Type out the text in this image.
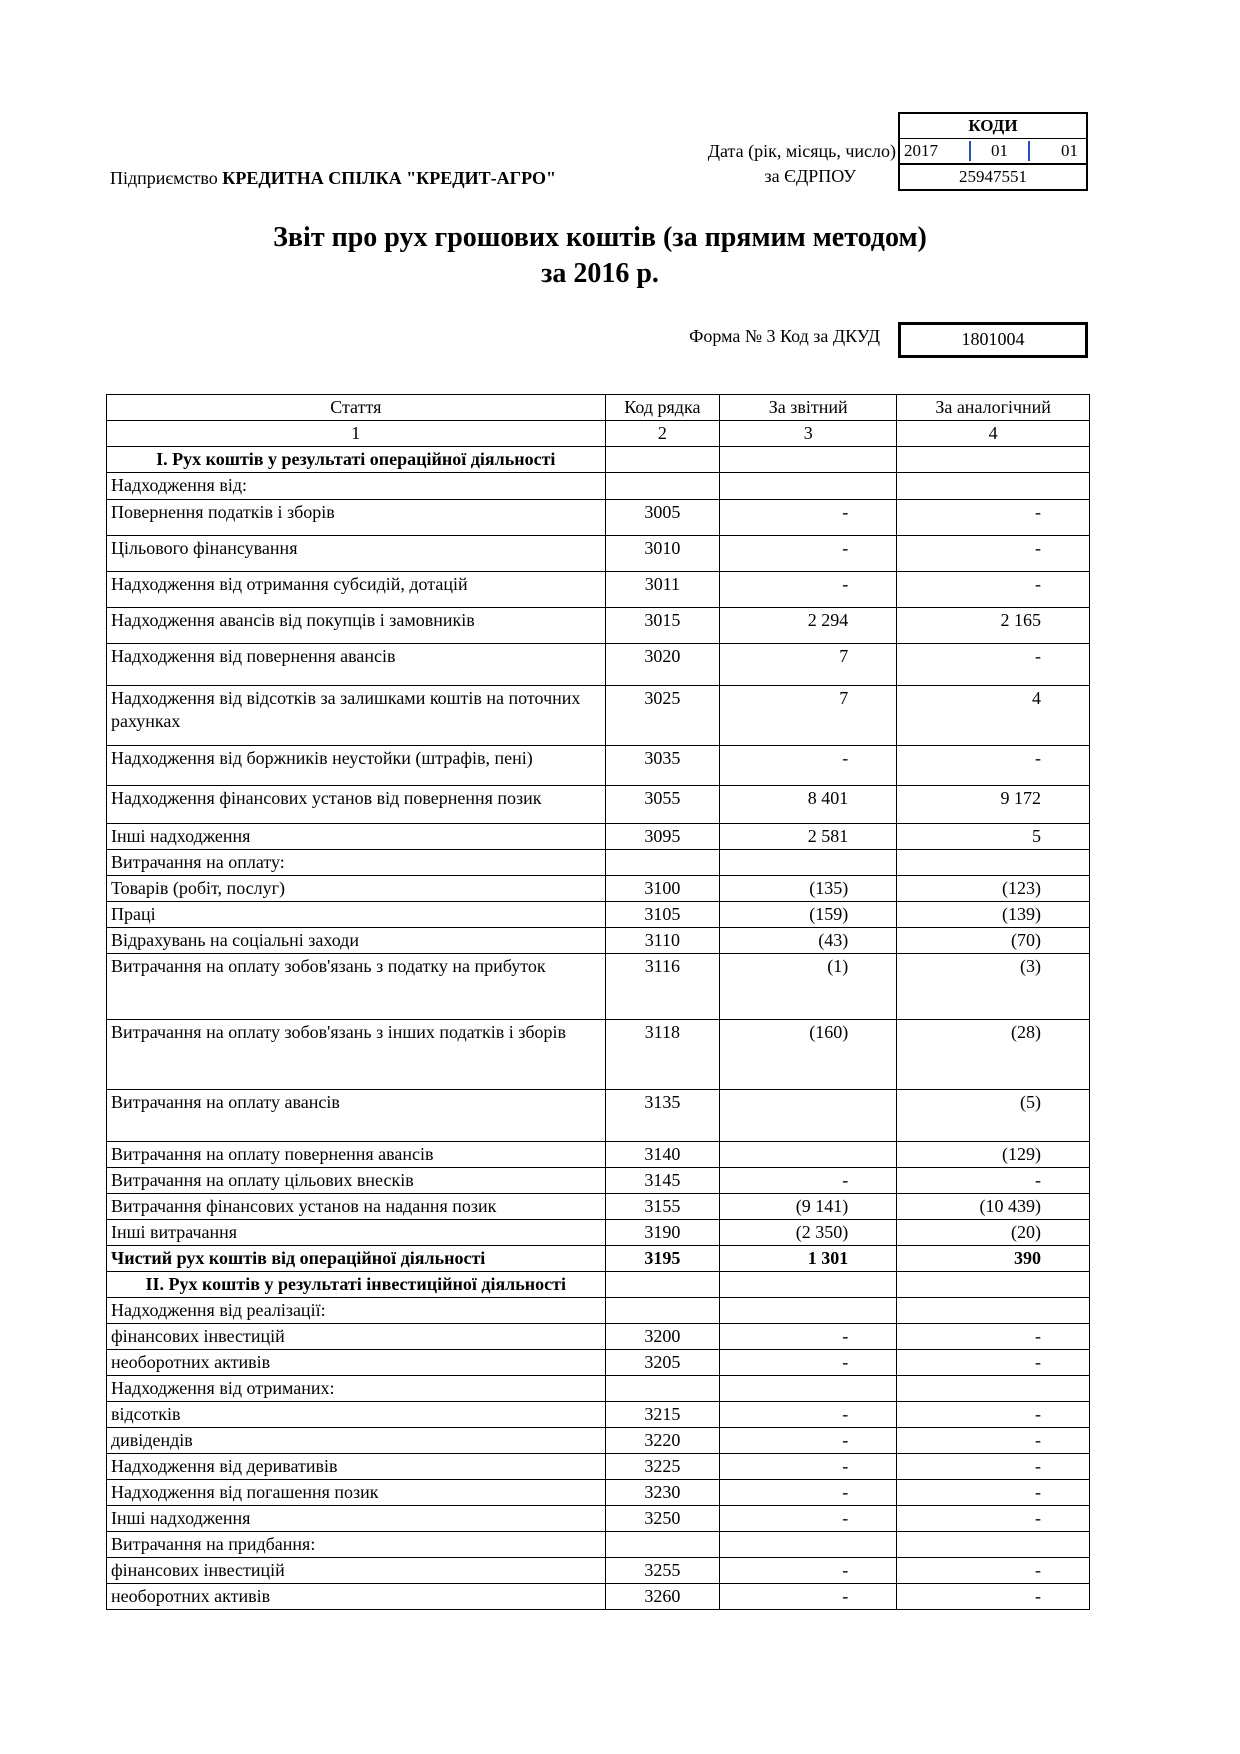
Дата (рік, місяць, число)
за ЄДРПОУ
КОДИ

2017	01	01

25947551
Підприємство КРЕДИТНА СПІЛКА "КРЕДИТ-АГРО"
Звіт про рух грошових коштів (за прямим методом)
за 2016 р.
Форма № 3 Код за ДКУД	1801004
Стаття	Код рядка	За звітний	За аналогічний
1	2	3	4
І. Рух коштів у результаті операційної діяльності			
Надходження від:			
Повернення податків і зборів	3005	-	-
Цільового фінансування	3010	-	-
Надходження від отримання субсидій, дотацій	3011	-	-
Надходження авансів від покупців і замовників	3015	2 294	2 165
Надходження від повернення авансів	3020	7	-
Надходження від відсотків за залишками коштів на поточних рахунках	3025	7	4
Надходження від боржників неустойки (штрафів, пені)	3035	-	-
Надходження фінансових установ від повернення позик	3055	8 401	9 172
Інші надходження	3095	2 581	5
Витрачання на оплату:			
Товарів (робіт, послуг)	3100	(135)	(123)
Праці	3105	(159)	(139)
Відрахувань на соціальні заходи	3110	(43)	(70)
Витрачання на оплату зобов'язань з податку на прибуток	3116	(1)	(3)
Витрачання на оплату зобов'язань з інших податків і зборів	3118	(160)	(28)
Витрачання на оплату авансів	3135		(5)
Витрачання на оплату повернення авансів	3140		(129)
Витрачання на оплату цільових внесків	3145	-	-
Витрачання фінансових установ на надання позик	3155	(9 141)	(10 439)
Інші витрачання	3190	(2 350)	(20)
Чистий рух коштів від операційної діяльності	3195	1 301	390
ІІ. Рух коштів у результаті інвестиційної діяльності			
Надходження від реалізації:			
фінансових інвестицій	3200	-	-
необоротних активів	3205	-	-
Надходження від отриманих:			
відсотків	3215	-	-
дивідендів	3220	-	-
Надходження від деривативів	3225	-	-
Надходження від погашення позик	3230	-	-
Інші надходження	3250	-	-
Витрачання на придбання:			
фінансових інвестицій	3255	-	-
необоротних активів	3260	-	-
